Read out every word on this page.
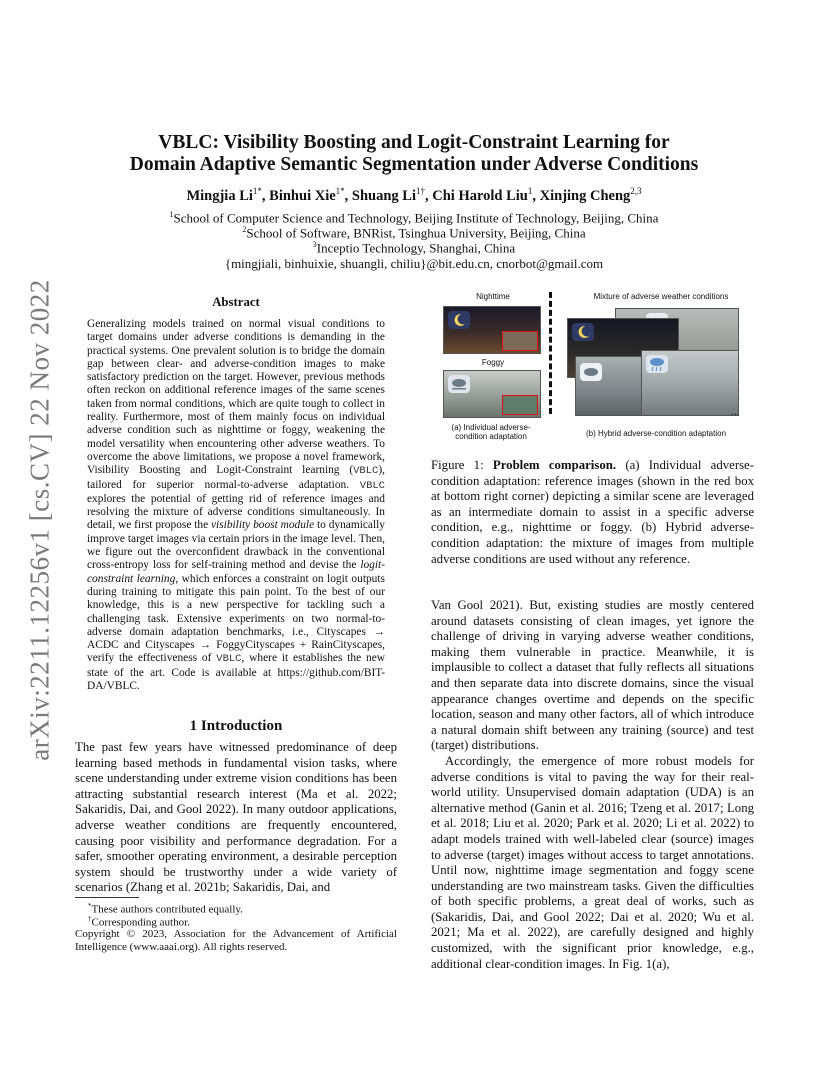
arXiv:2211.12256v1 [cs.CV] 22 Nov 2022
VBLC: Visibility Boosting and Logit-Constraint Learning for
Domain Adaptive Semantic Segmentation under Adverse Conditions
Mingjia $Li^{1*}$, Binhui Xie$^{1*}$, Shuang $Li^{1\dagger}$, Chi Harold Liu$^1$, Xinjing Cheng$^{2,3}$
$^1$School of Computer Science and Technology, Beijing Institute of Technology, Beijing, China
$^2$School of Software, BNRist, Tsinghua University, Beijing, China
$^3$Inceptio Technology, Shanghai, China
{mingjiali, binhuixie, shuangli, chiliu}@bit.edu.cn, cnorbot@gmail.com
Abstract
Generalizing models trained on normal visual conditions to target domains under adverse conditions is demanding in the practical systems. One prevalent solution is to bridge the domain gap between clear- and adverse-condition images to make satisfactory prediction on the target. However, previous methods often reckon on additional reference images of the same scenes taken from normal conditions, which are quite tough to collect in reality. Furthermore, most of them mainly focus on individual adverse condition such as nighttime or foggy, weakening the model versatility when encountering other adverse weathers. To overcome the above limitations, we propose a novel framework, Visibility Boosting and Logit-Constraint learning (VBLC), tailored for superior normal-to-adverse adaptation. VBLC explores the potential of getting rid of reference images and resolving the mixture of adverse conditions simultaneously. In detail, we first propose the visibility boost module to dynamically improve target images via certain priors in the image level. Then, we figure out the overconfident drawback in the conventional cross-entropy loss for self-training method and devise the logit-constraint learning, which enforces a constraint on logit outputs during training to mitigate this pain point. To the best of our knowledge, this is a new perspective for tackling such a challenging task. Extensive experiments on two normal-to-adverse domain adaptation benchmarks, i.e., Cityscapes → ACDC and Cityscapes → FoggyCityscapes + RainCityscapes, verify the effectiveness of VBLC, where it establishes the new state of the art. Code is available at https://github.com/BIT-DA/VBLC.
1 Introduction
The past few years have witnessed predominance of deep learning based methods in fundamental vision tasks, where scene understanding under extreme vision conditions has been attracting substantial research interest (Ma et al. 2022; Sakaridis, Dai, and Gool 2022). In many outdoor applications, adverse weather conditions are frequently encountered, causing poor visibility and performance degradation. For a safer, smoother operating environment, a desirable perception system should be trustworthy under a wide variety of scenarios (Zhang et al. 2021b; Sakaridis, Dai, and
*These authors contributed equally.
†Corresponding author.
Copyright © 2023, Association for the Advancement of Artificial Intelligence (www.aaai.org). All rights reserved.
Nighttime	Mixture of adverse weather conditions
Foggy
...
(a) Individual adverse-condition adaptation	(b) Hybrid adverse-condition adaptation
Figure 1: Problem comparison. (a) Individual adverse-condition adaptation: reference images (shown in the red box at bottom right corner) depicting a similar scene are leveraged as an intermediate domain to assist in a specific adverse condition, e.g., nighttime or foggy. (b) Hybrid adverse-condition adaptation: the mixture of images from multiple adverse conditions are used without any reference.

Van Gool 2021). But, existing studies are mostly centered around datasets consisting of clean images, yet ignore the challenge of driving in varying adverse weather conditions, making them vulnerable in practice. Meanwhile, it is implausible to collect a dataset that fully reflects all situations and then separate data into discrete domains, since the visual appearance changes overtime and depends on the specific location, season and many other factors, all of which introduce a natural domain shift between any training (source) and test (target) distributions.

Accordingly, the emergence of more robust models for adverse conditions is vital to paving the way for their real-world utility. Unsupervised domain adaptation (UDA) is an alternative method (Ganin et al. 2016; Tzeng et al. 2017; Long et al. 2018; Liu et al. 2020; Park et al. 2020; Li et al. 2022) to adapt models trained with well-labeled clear (source) images to adverse (target) images without access to target annotations. Until now, nighttime image segmentation and foggy scene understanding are two mainstream tasks. Given the difficulties of both specific problems, a great deal of works, such as (Sakaridis, Dai, and Gool 2022; Dai et al. 2020; Wu et al. 2021; Ma et al. 2022), are carefully designed and highly customized, with the significant prior knowledge, e.g., additional clear-condition images. In Fig. 1(a),
